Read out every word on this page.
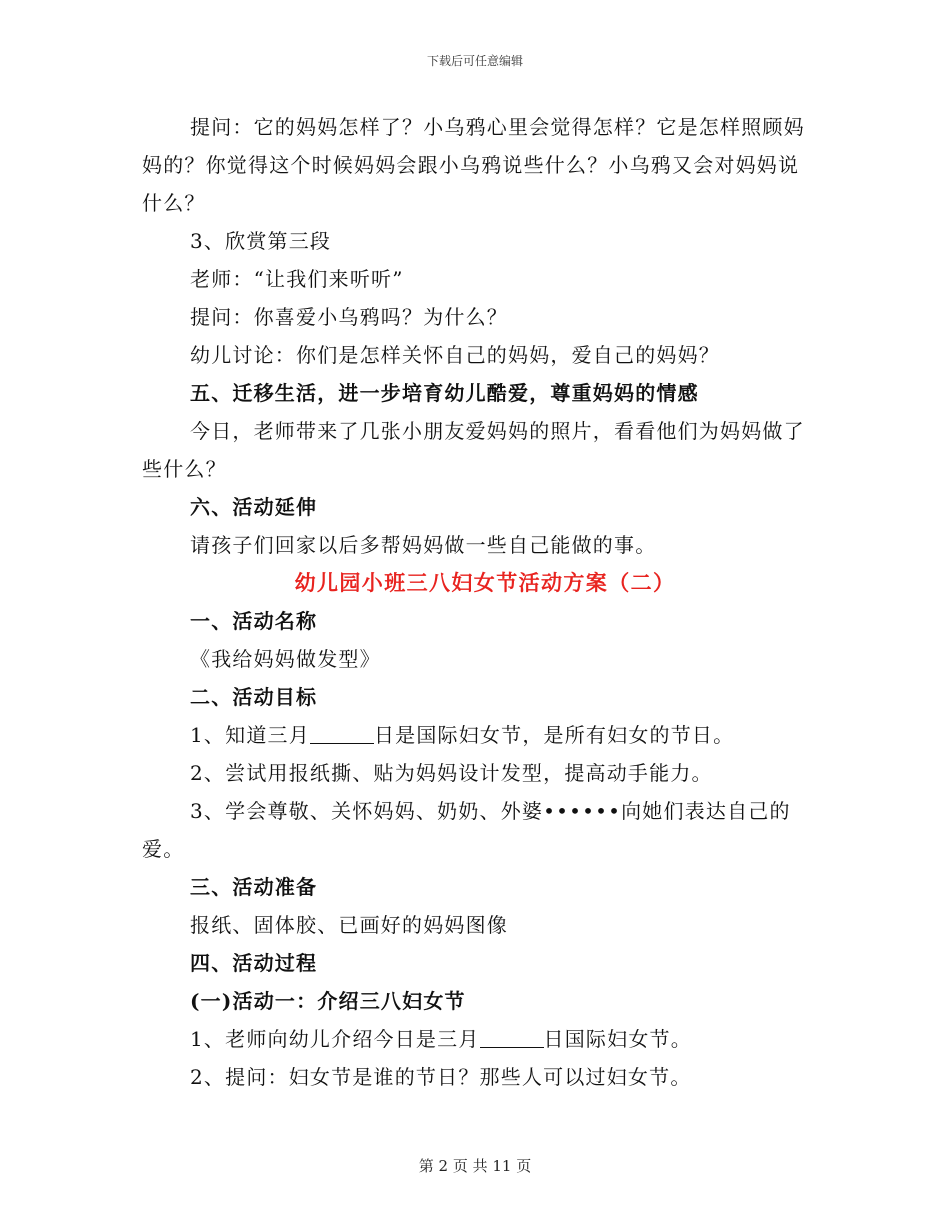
下载后可任意编辑

提问：它的妈妈怎样了？小乌鸦心里会觉得怎样？它是怎样照顾妈妈的？你觉得这个时候妈妈会跟小乌鸦说些什么？小乌鸦又会对妈妈说什么？

3、欣赏第三段

老师：“让我们来听听”

提问：你喜爱小乌鸦吗？为什么？

幼儿讨论：你们是怎样关怀自己的妈妈，爱自己的妈妈？

五、迁移生活，进一步培育幼儿酷爱，尊重妈妈的情感

今日，老师带来了几张小朋友爱妈妈的照片，看看他们为妈妈做了些什么？

六、活动延伸

请孩子们回家以后多帮妈妈做一些自己能做的事。

幼儿园小班三八妇女节活动方案（二）

一、活动名称

《我给妈妈做发型》

二、活动目标

1、知道三月	日是国际妇女节，是所有妇女的节日。

2、尝试用报纸撕、贴为妈妈设计发型，提高动手能力。

3、学会尊敬、关怀妈妈、奶奶、外婆••••••向她们表达自己的爱。

三、活动准备

报纸、固体胶、已画好的妈妈图像

四、活动过程

(一)活动一：介绍三八妇女节

1、老师向幼儿介绍今日是三月	日国际妇女节。

2、提问：妇女节是谁的节日？那些人可以过妇女节。

第 2 页 共 11 页
